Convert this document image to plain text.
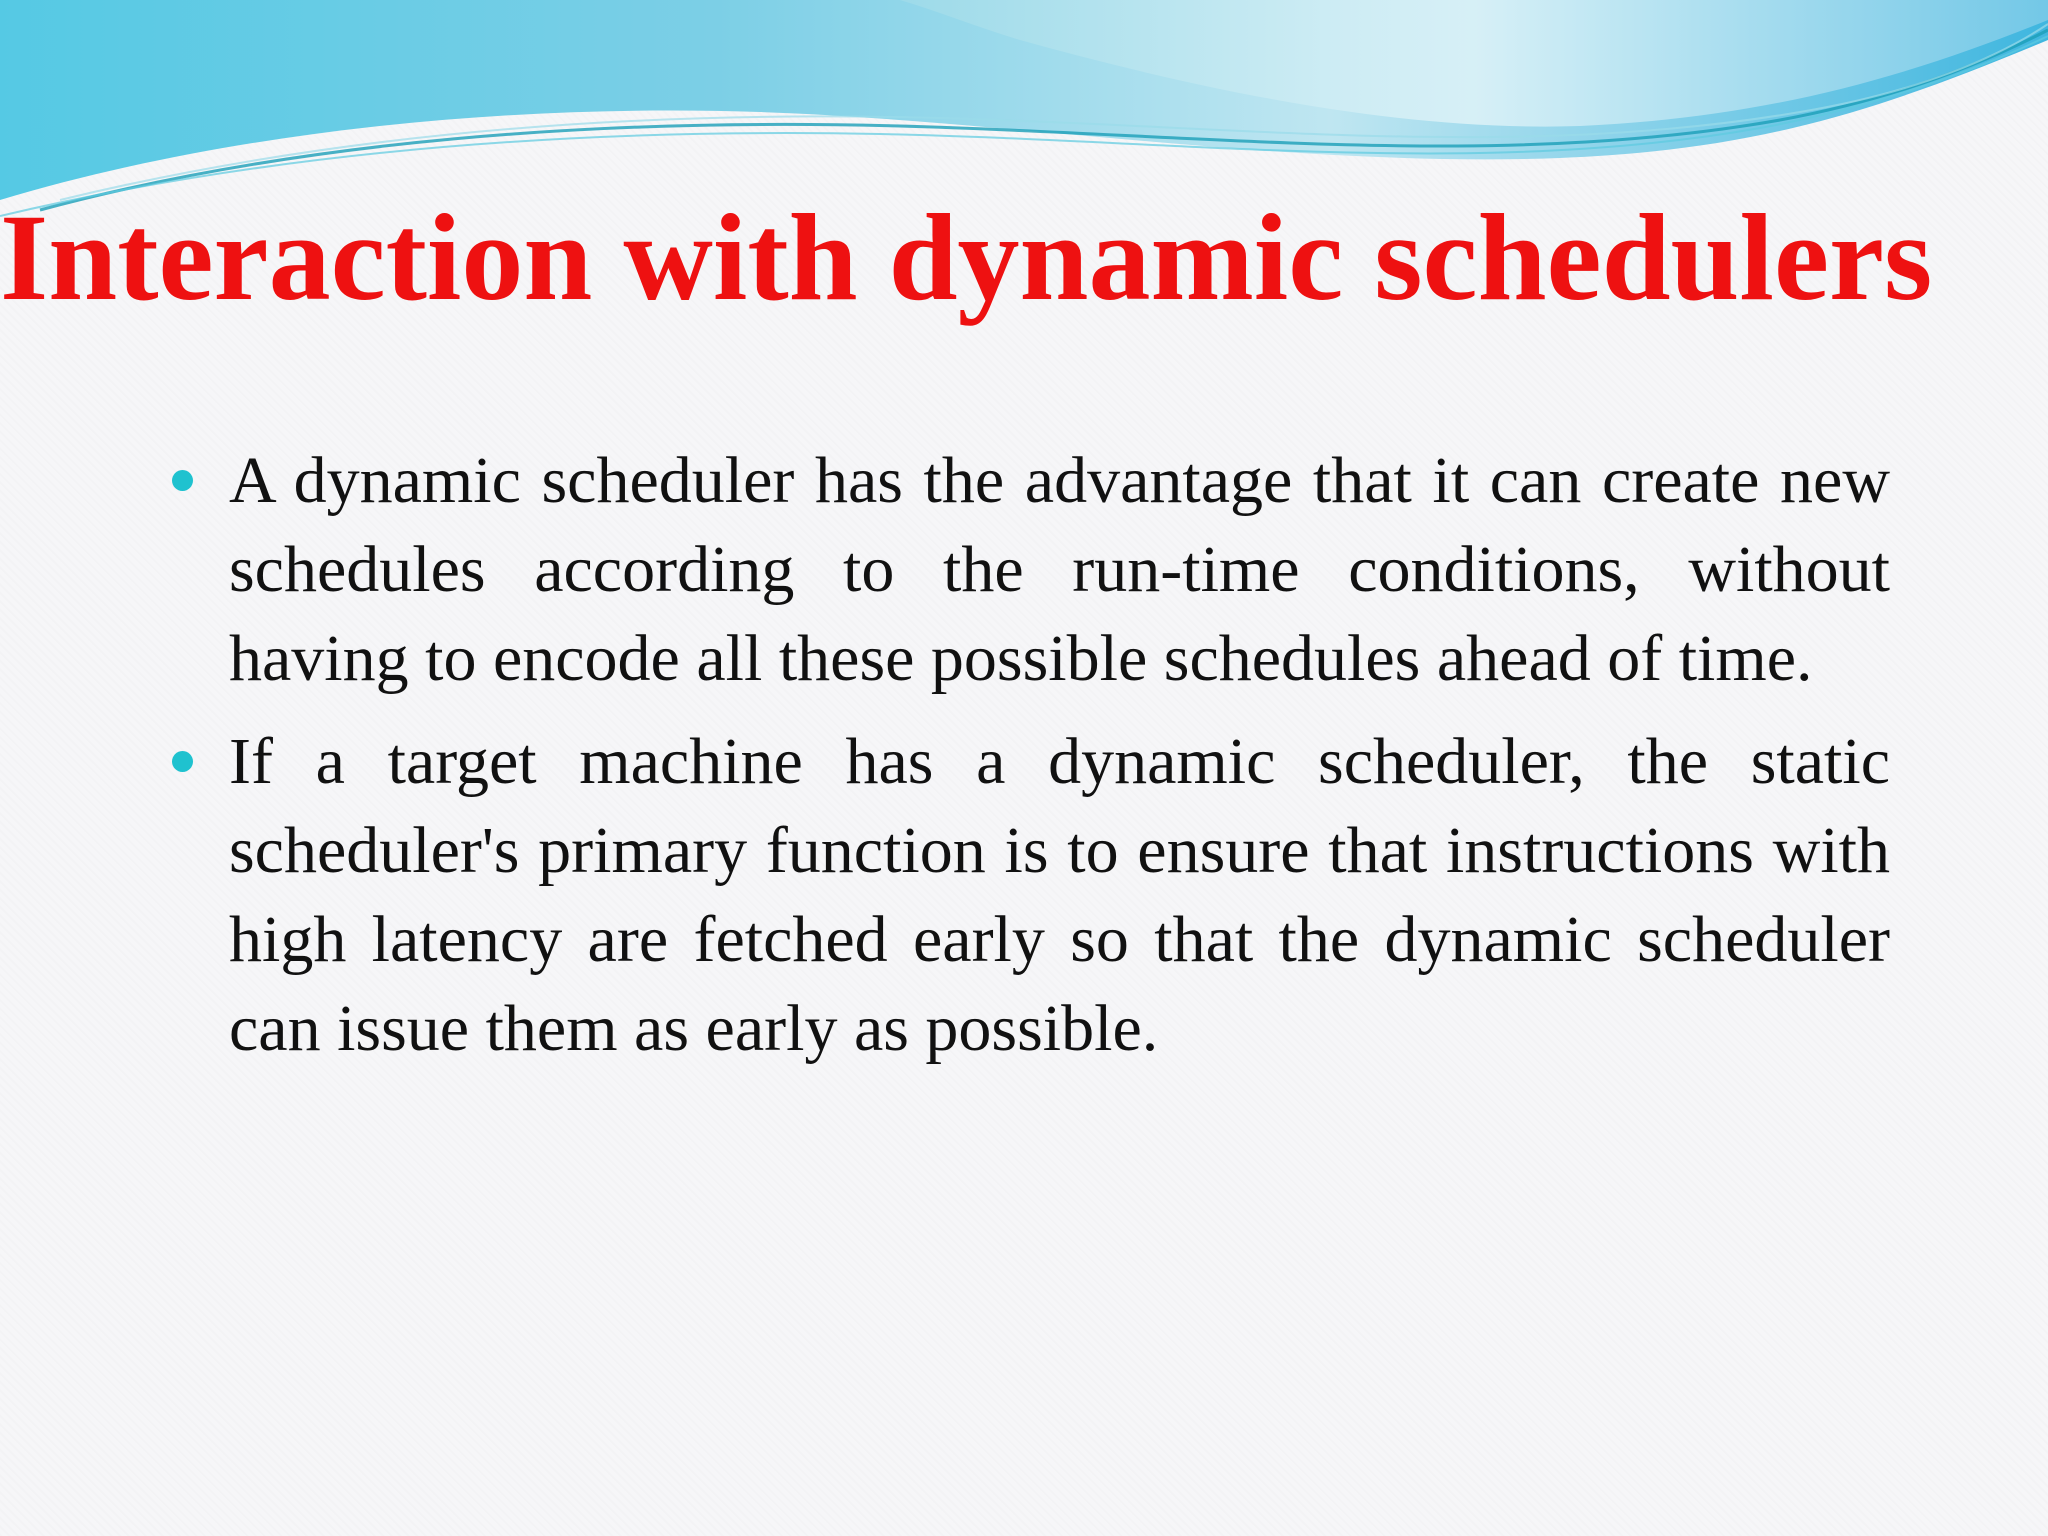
Interaction with dynamic schedulers
A dynamic scheduler has the advantage that it can create new schedules according to the run-time conditions, without having to encode all these possible schedules ahead of time.
If a target machine has a dynamic scheduler, the static scheduler's primary function is to ensure that instructions with high latency are fetched early so that the dynamic scheduler can issue them as early as possible.
